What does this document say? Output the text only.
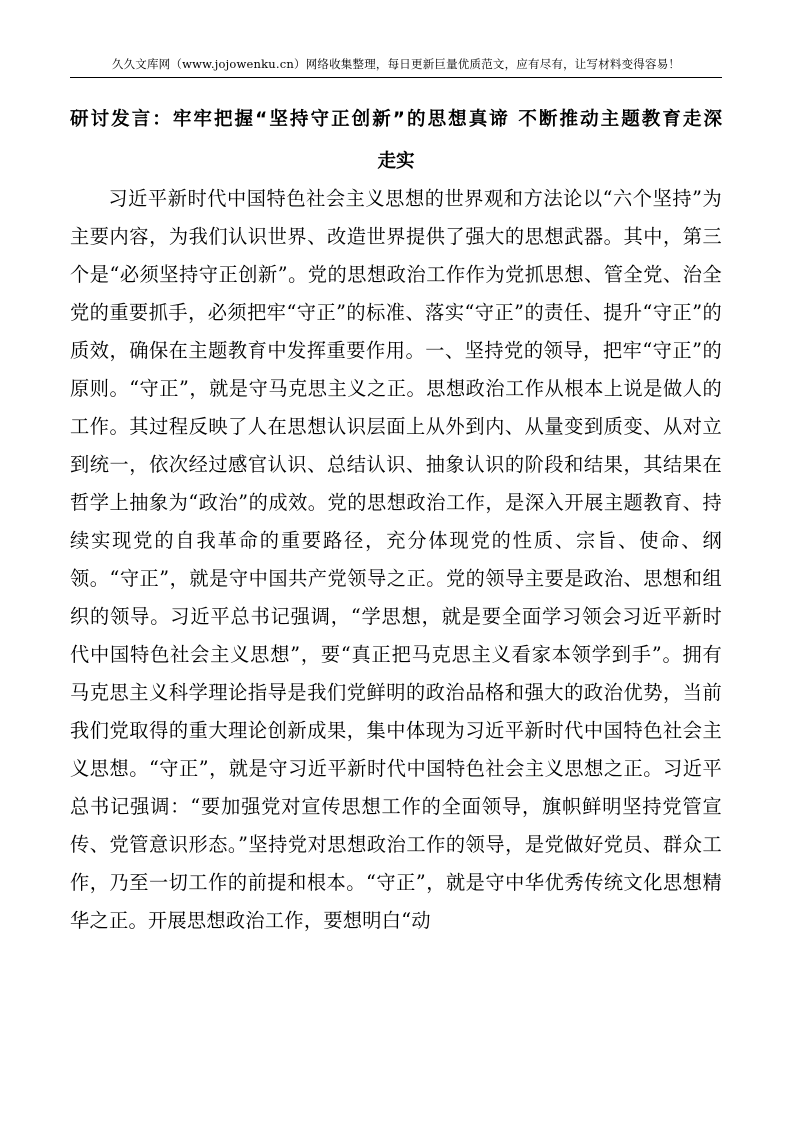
久久文库网（www.jojowenku.cn）网络收集整理，每日更新巨量优质范文，应有尽有，让写材料变得容易！
研讨发言：牢牢把握“坚持守正创新”的思想真谛 不断推动主题教育走深
走实

习近平新时代中国特色社会主义思想的世界观和方法论以“六个坚持”为主要内容，为我们认识世界、改造世界提供了强大的思想武器。其中，第三个是“必须坚持守正创新”。党的思想政治工作作为党抓思想、管全党、治全党的重要抓手，必须把牢“守正”的标准、落实“守正”的责任、提升“守正”的质效，确保在主题教育中发挥重要作用。一、坚持党的领导，把牢“守正”的原则。“守正”，就是守马克思主义之正。思想政治工作从根本上说是做人的工作。其过程反映了人在思想认识层面上从外到内、从量变到质变、从对立到统一，依次经过感官认识、总结认识、抽象认识的阶段和结果，其结果在哲学上抽象为“政治”的成效。党的思想政治工作，是深入开展主题教育、持续实现党的自我革命的重要路径，充分体现党的性质、宗旨、使命、纲领。“守正”，就是守中国共产党领导之正。党的领导主要是政治、思想和组织的领导。习近平总书记强调，“学思想，就是要全面学习领会习近平新时代中国特色社会主义思想”，要“真正把马克思主义看家本领学到手”。拥有马克思主义科学理论指导是我们党鲜明的政治品格和强大的政治优势，当前我们党取得的重大理论创新成果，集中体现为习近平新时代中国特色社会主义思想。“守正”，就是守习近平新时代中国特色社会主义思想之正。习近平总书记强调：“要加强党对宣传思想工作的全面领导，旗帜鲜明坚持党管宣传、党管意识形态。”坚持党对思想政治工作的领导，是党做好党员、群众工作，乃至一切工作的前提和根本。“守正”，就是守中华优秀传统文化思想精华之正。开展思想政治工作，要想明白“动
